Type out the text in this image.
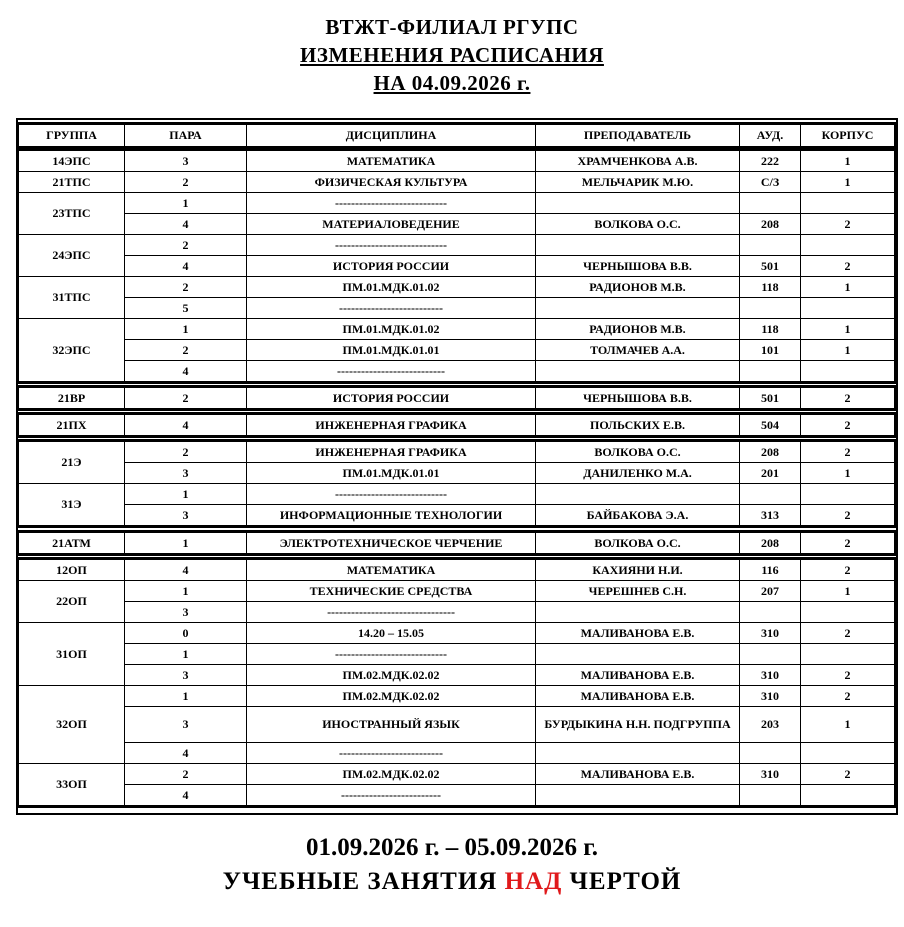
ВТЖТ-ФИЛИАЛ РГУПС
ИЗМЕНЕНИЯ РАСПИСАНИЯ
НА 04.09.2026 г.
ГРУППА	ПАРА	ДИСЦИПЛИНА	ПРЕПОДАВАТЕЛЬ	АУД.	КОРПУС
14ЭПС	3	МАТЕМАТИКА	ХРАМЧЕНКОВА А.В.	222	1
21ТПС	2	ФИЗИЧЕСКАЯ КУЛЬТУРА	МЕЛЬЧАРИК М.Ю.	С/З	1
23ТПС	1	----------------------------			
	4	МАТЕРИАЛОВЕДЕНИЕ	ВОЛКОВА О.С.	208	2
24ЭПС	2	----------------------------			
	4	ИСТОРИЯ РОССИИ	ЧЕРНЫШОВА В.В.	501	2
31ТПС	2	ПМ.01.МДК.01.02	РАДИОНОВ М.В.	118	1
	5	--------------------------			
32ЭПС	1	ПМ.01.МДК.01.02	РАДИОНОВ М.В.	118	1
	2	ПМ.01.МДК.01.01	ТОЛМАЧЕВ А.А.	101	1
	4	---------------------------			
21ВР	2	ИСТОРИЯ РОССИИ	ЧЕРНЫШОВА В.В.	501	2
21ПХ	4	ИНЖЕНЕРНАЯ ГРАФИКА	ПОЛЬСКИХ Е.В.	504	2
21Э	2	ИНЖЕНЕРНАЯ ГРАФИКА	ВОЛКОВА О.С.	208	2
	3	ПМ.01.МДК.01.01	ДАНИЛЕНКО М.А.	201	1
31Э	1	----------------------------			
	3	ИНФОРМАЦИОННЫЕ ТЕХНОЛОГИИ	БАЙБАКОВА Э.А.	313	2
21АТМ	1	ЭЛЕКТРОТЕХНИЧЕСКОЕ ЧЕРЧЕНИЕ	ВОЛКОВА О.С.	208	2
12ОП	4	МАТЕМАТИКА	КАХИЯНИ Н.И.	116	2
22ОП	1	ТЕХНИЧЕСКИЕ СРЕДСТВА	ЧЕРЕШНЕВ С.Н.	207	1
	3	--------------------------------			
31ОП	0	14.20 – 15.05	МАЛИВАНОВА Е.В.	310	2
	1	----------------------------			
	3	ПМ.02.МДК.02.02	МАЛИВАНОВА Е.В.	310	2
32ОП	1	ПМ.02.МДК.02.02	МАЛИВАНОВА Е.В.	310	2
	3	ИНОСТРАННЫЙ ЯЗЫК	БУРДЫКИНА Н.Н. ПОДГРУППА	203	1
	4	--------------------------			
33ОП	2	ПМ.02.МДК.02.02	МАЛИВАНОВА Е.В.	310	2
	4	-------------------------			
01.09.2026 г. – 05.09.2026 г.
УЧЕБНЫЕ ЗАНЯТИЯ НАД ЧЕРТОЙ
